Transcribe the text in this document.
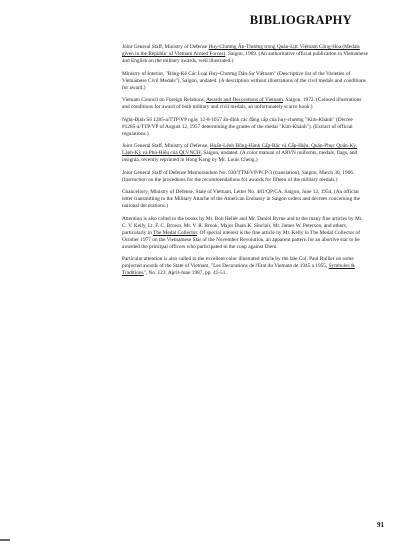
BIBLIOGRAPHY

Joint General Staff, Ministry of Defense Huy-Chương Ân-Thưởng trong Quân-Lực Việtnam Cộng-Hòa (Medals given in the Republic of Vietnam Armed Forces). Saigon, 1969. (An authoritative official publication in Vietnamese and English on the military awards, well illustrated.)

Ministry of Interior, "Bảng-Kê Các Loại Huy-Chương Dân-Sự Việtnam" (Descriptive list of the Varieties of Vietnamese Civil Medals"), Saigon, undated. (A description without illustrations of the civil medals and conditions for award.)

Vietnam Council on Foreign Relations, Awards and Decorations of Vietnam. Saigon, 1972. (Colored illustrations and conditions for award of both military and civil medals, an unfortunately scarce book.)

Nghị-Định Số 1285-a/TTP/VP ngày 12-8-1057 ấn-định các đẳng cấp của huy-chương "Kim-Khánh" (Decree #1285-a/TTP/VP of August 12, 1957 determining the grades of the medal "Kim-Khánh"). (Extract of official regulations.)

Joint General Staff, Ministry of Defense, Huấn-Lệnh Đồng-Hành Cấp-Bậc và Cấp-Hiệu, Quân-Phục Quân-Kỳ, Lãnh-Kỳ và Phù-Hiệu của QLVNCH, Saigon, undated. (A color manual of ARVN uniforms, medals, flags, and insignia, recently reprinted in Hong Kong by Mr. Louis Cheng.)

Joint General Staff of Defense Memorandum No. 930/TTM/VP/PCP/3 (translation), Saigon, March 30, 1966. (Instruction on the procedures for the recommendations for awards for fifteen of the military medals.)

Chancellory, Ministry of Defense, State of Vietnam, Letter No. 481/QP/CA. Saigon, June 12, 1954. (An official letter transmitting to the Military Attache of the American Embassy in Saigon orders and decrees concerning the national decorations.)

Attention is also called to the books by Mr. Bob Heller and Mr. Daniel Byrne and to the many fine articles by Mr. C. V. Kelly, Lt. F. C. Brown, Mr. V. R. Brook, Major Duan K. Sinclair, Mr. James W. Peterson, and others, particularly in The Medal Collector. Of special interest is the fine article by Mr. Kelly in The Medal Collector of October 1977 on the Vietnamese Star of the November Revolution, an apparent pattern for an abortive star to be awarded the principal officers who participated in the coup against Diem.

Particular attention is also called to the excellent color illustrated article by the late Col. Paul Rullier on some projected awards of the State of Vietnam, "Les Decorations de l'Etat du Vietnam de 1945 a 1955, Symboles & Traditions", No. 123, April-June 1987, pp. 41-51.

91
